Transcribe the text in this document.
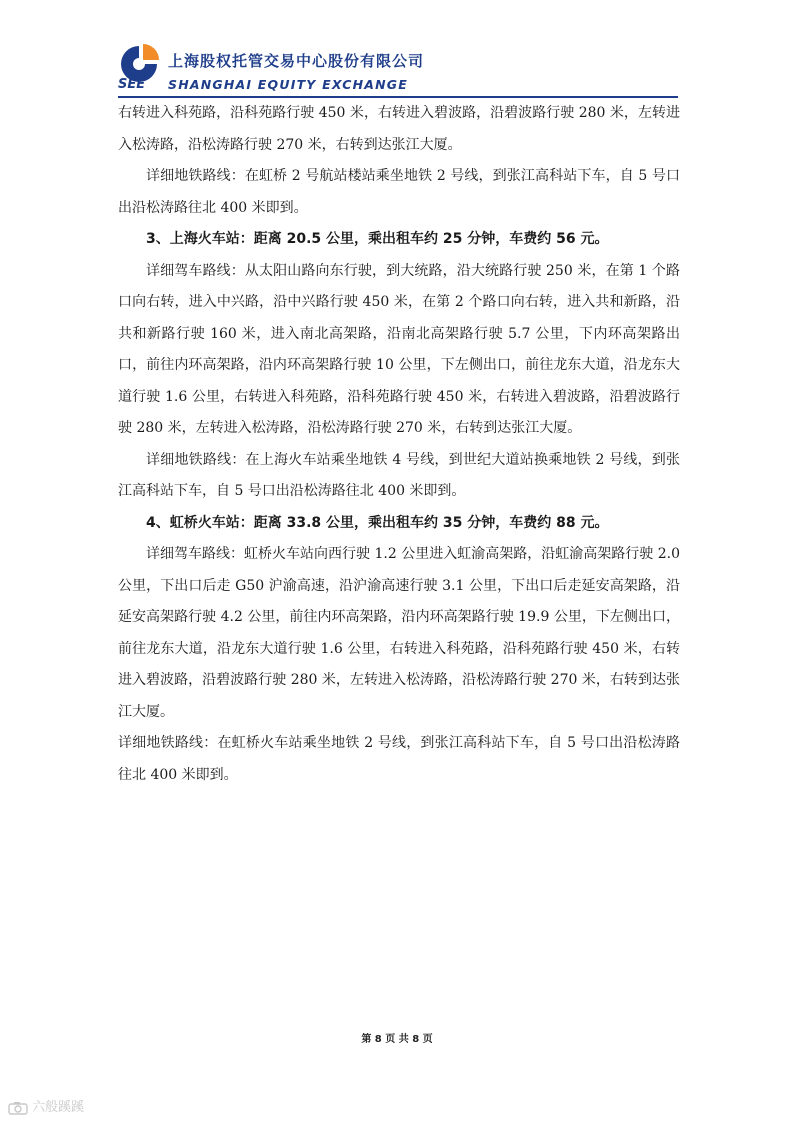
上海股权托管交易中心股份有限公司
SEE SHANGHAI EQUITY EXCHANGE

右转进入科苑路，沿科苑路行驶 450 米，右转进入碧波路，沿碧波路行驶 280 米，左转进入松涛路，沿松涛路行驶 270 米，右转到达张江大厦。

详细地铁路线：在虹桥 2 号航站楼站乘坐地铁 2 号线，到张江高科站下车，自 5 号口出沿松涛路往北 400 米即到。

3、上海火车站：距离 20.5 公里，乘出租车约 25 分钟，车费约 56 元。

详细驾车路线：从太阳山路向东行驶，到大统路，沿大统路行驶 250 米，在第 1 个路口向右转，进入中兴路，沿中兴路行驶 450 米，在第 2 个路口向右转，进入共和新路，沿共和新路行驶 160 米，进入南北高架路，沿南北高架路行驶 5.7 公里，下内环高架路出口，前往内环高架路，沿内环高架路行驶 10 公里，下左侧出口，前往龙东大道，沿龙东大道行驶 1.6 公里，右转进入科苑路，沿科苑路行驶 450 米，右转进入碧波路，沿碧波路行驶 280 米，左转进入松涛路，沿松涛路行驶 270 米，右转到达张江大厦。

详细地铁路线：在上海火车站乘坐地铁 4 号线，到世纪大道站换乘地铁 2 号线，到张江高科站下车，自 5 号口出沿松涛路往北 400 米即到。

4、虹桥火车站：距离 33.8 公里，乘出租车约 35 分钟，车费约 88 元。

详细驾车路线：虹桥火车站向西行驶 1.2 公里进入虹渝高架路，沿虹渝高架路行驶 2.0 公里，下出口后走 G50 沪渝高速，沿沪渝高速行驶 3.1 公里，下出口后走延安高架路，沿延安高架路行驶 4.2 公里，前往内环高架路，沿内环高架路行驶 19.9 公里，下左侧出口，前往龙东大道，沿龙东大道行驶 1.6 公里，右转进入科苑路，沿科苑路行驶 450 米，右转进入碧波路，沿碧波路行驶 280 米，左转进入松涛路，沿松涛路行驶 270 米，右转到达张江大厦。

详细地铁路线：在虹桥火车站乘坐地铁 2 号线，到张江高科站下车，自 5 号口出沿松涛路往北 400 米即到。

第 8 页 共 8 页
六般蹊蹊
